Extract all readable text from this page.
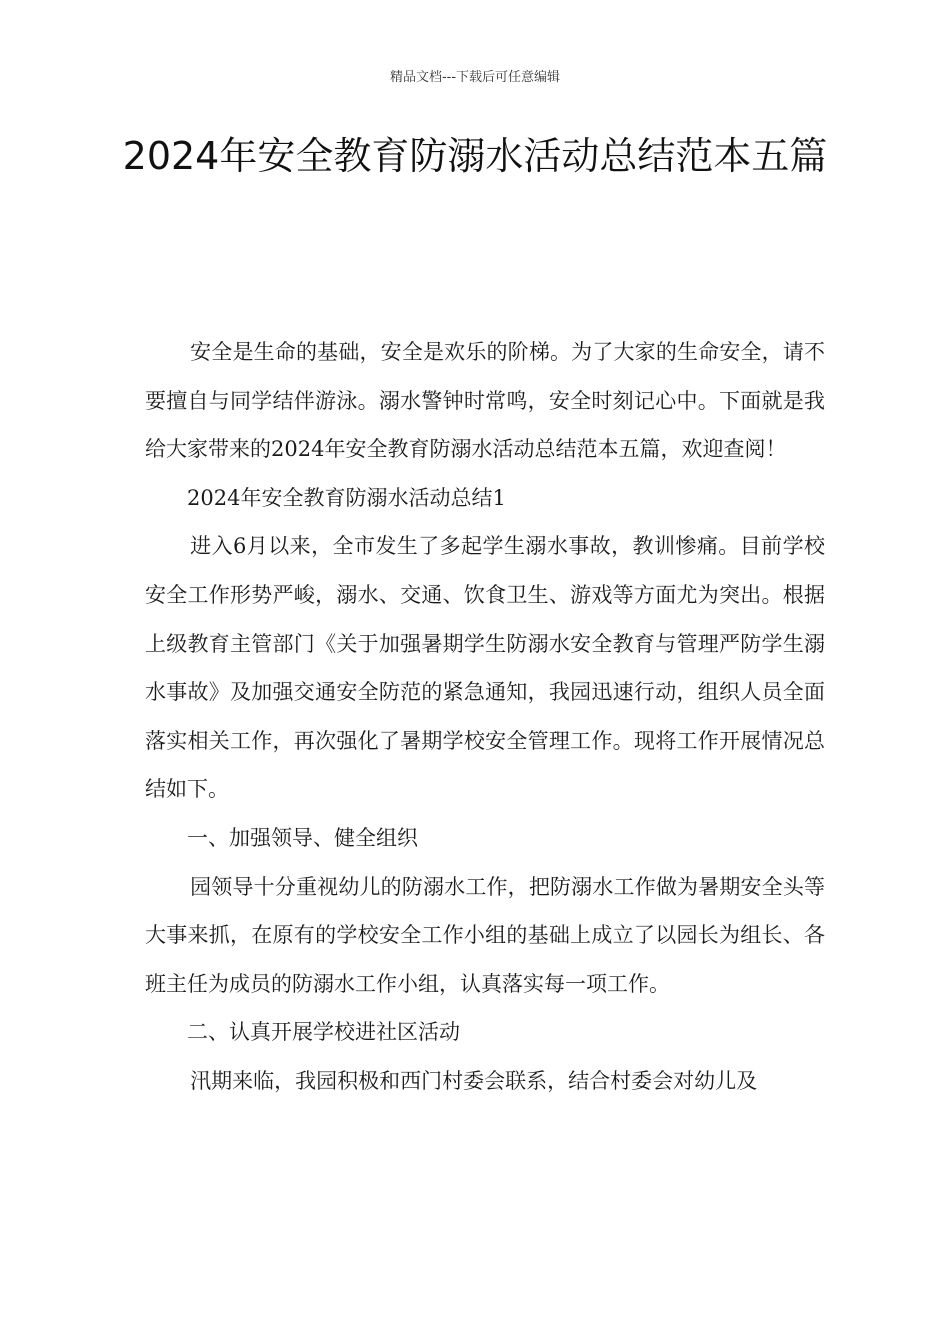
精品文档---下载后可任意编辑
2024年安全教育防溺水活动总结范本五篇

安全是生命的基础，安全是欢乐的阶梯。为了大家的生命安全，请不要擅自与同学结伴游泳。溺水警钟时常鸣，安全时刻记心中。下面就是我给大家带来的2024年安全教育防溺水活动总结范本五篇，欢迎查阅！

2024年安全教育防溺水活动总结1

进入6月以来，全市发生了多起学生溺水事故，教训惨痛。目前学校安全工作形势严峻，溺水、交通、饮食卫生、游戏等方面尤为突出。根据上级教育主管部门《关于加强暑期学生防溺水安全教育与管理严防学生溺水事故》及加强交通安全防范的紧急通知，我园迅速行动，组织人员全面落实相关工作，再次强化了暑期学校安全管理工作。现将工作开展情况总结如下。

一、加强领导、健全组织

园领导十分重视幼儿的防溺水工作，把防溺水工作做为暑期安全头等大事来抓，在原有的学校安全工作小组的基础上成立了以园长为组长、各班主任为成员的防溺水工作小组，认真落实每一项工作。

二、认真开展学校进社区活动

汛期来临，我园积极和西门村委会联系，结合村委会对幼儿及
